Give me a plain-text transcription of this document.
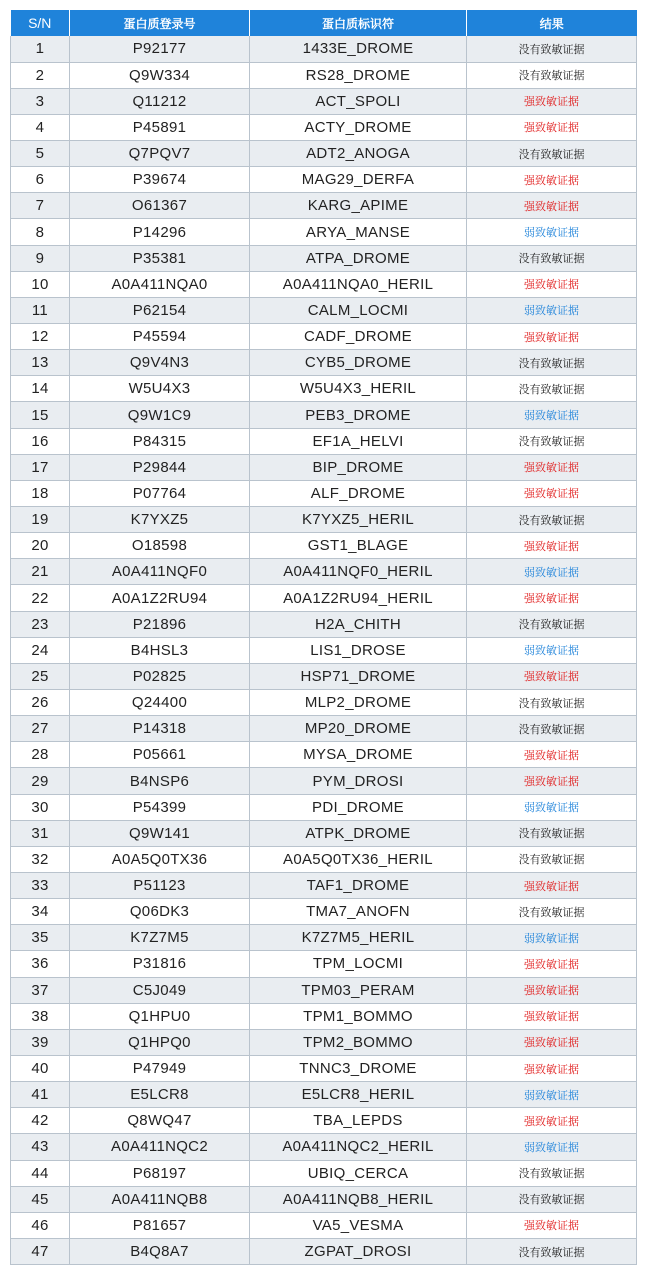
S/N	蛋白质登录号	蛋白质标识符	结果
1	P92177	1433E_DROME	没有致敏证据
2	Q9W334	RS28_DROME	没有致敏证据
3	Q11212	ACT_SPOLI	强致敏证据
4	P45891	ACTY_DROME	强致敏证据
5	Q7PQV7	ADT2_ANOGA	没有致敏证据
6	P39674	MAG29_DERFA	强致敏证据
7	O61367	KARG_APIME	强致敏证据
8	P14296	ARYA_MANSE	弱致敏证据
9	P35381	ATPA_DROME	没有致敏证据
10	A0A411NQA0	A0A411NQA0_HERIL	强致敏证据
11	P62154	CALM_LOCMI	弱致敏证据
12	P45594	CADF_DROME	强致敏证据
13	Q9V4N3	CYB5_DROME	没有致敏证据
14	W5U4X3	W5U4X3_HERIL	没有致敏证据
15	Q9W1C9	PEB3_DROME	弱致敏证据
16	P84315	EF1A_HELVI	没有致敏证据
17	P29844	BIP_DROME	强致敏证据
18	P07764	ALF_DROME	强致敏证据
19	K7YXZ5	K7YXZ5_HERIL	没有致敏证据
20	O18598	GST1_BLAGE	强致敏证据
21	A0A411NQF0	A0A411NQF0_HERIL	弱致敏证据
22	A0A1Z2RU94	A0A1Z2RU94_HERIL	强致敏证据
23	P21896	H2A_CHITH	没有致敏证据
24	B4HSL3	LIS1_DROSE	弱致敏证据
25	P02825	HSP71_DROME	强致敏证据
26	Q24400	MLP2_DROME	没有致敏证据
27	P14318	MP20_DROME	没有致敏证据
28	P05661	MYSA_DROME	强致敏证据
29	B4NSP6	PYM_DROSI	强致敏证据
30	P54399	PDI_DROME	弱致敏证据
31	Q9W141	ATPK_DROME	没有致敏证据
32	A0A5Q0TX36	A0A5Q0TX36_HERIL	没有致敏证据
33	P51123	TAF1_DROME	强致敏证据
34	Q06DK3	TMA7_ANOFN	没有致敏证据
35	K7Z7M5	K7Z7M5_HERIL	弱致敏证据
36	P31816	TPM_LOCMI	强致敏证据
37	C5J049	TPM03_PERAM	强致敏证据
38	Q1HPU0	TPM1_BOMMO	强致敏证据
39	Q1HPQ0	TPM2_BOMMO	强致敏证据
40	P47949	TNNC3_DROME	强致敏证据
41	E5LCR8	E5LCR8_HERIL	弱致敏证据
42	Q8WQ47	TBA_LEPDS	强致敏证据
43	A0A411NQC2	A0A411NQC2_HERIL	弱致敏证据
44	P68197	UBIQ_CERCA	没有致敏证据
45	A0A411NQB8	A0A411NQB8_HERIL	没有致敏证据
46	P81657	VA5_VESMA	强致敏证据
47	B4Q8A7	ZGPAT_DROSI	没有致敏证据
